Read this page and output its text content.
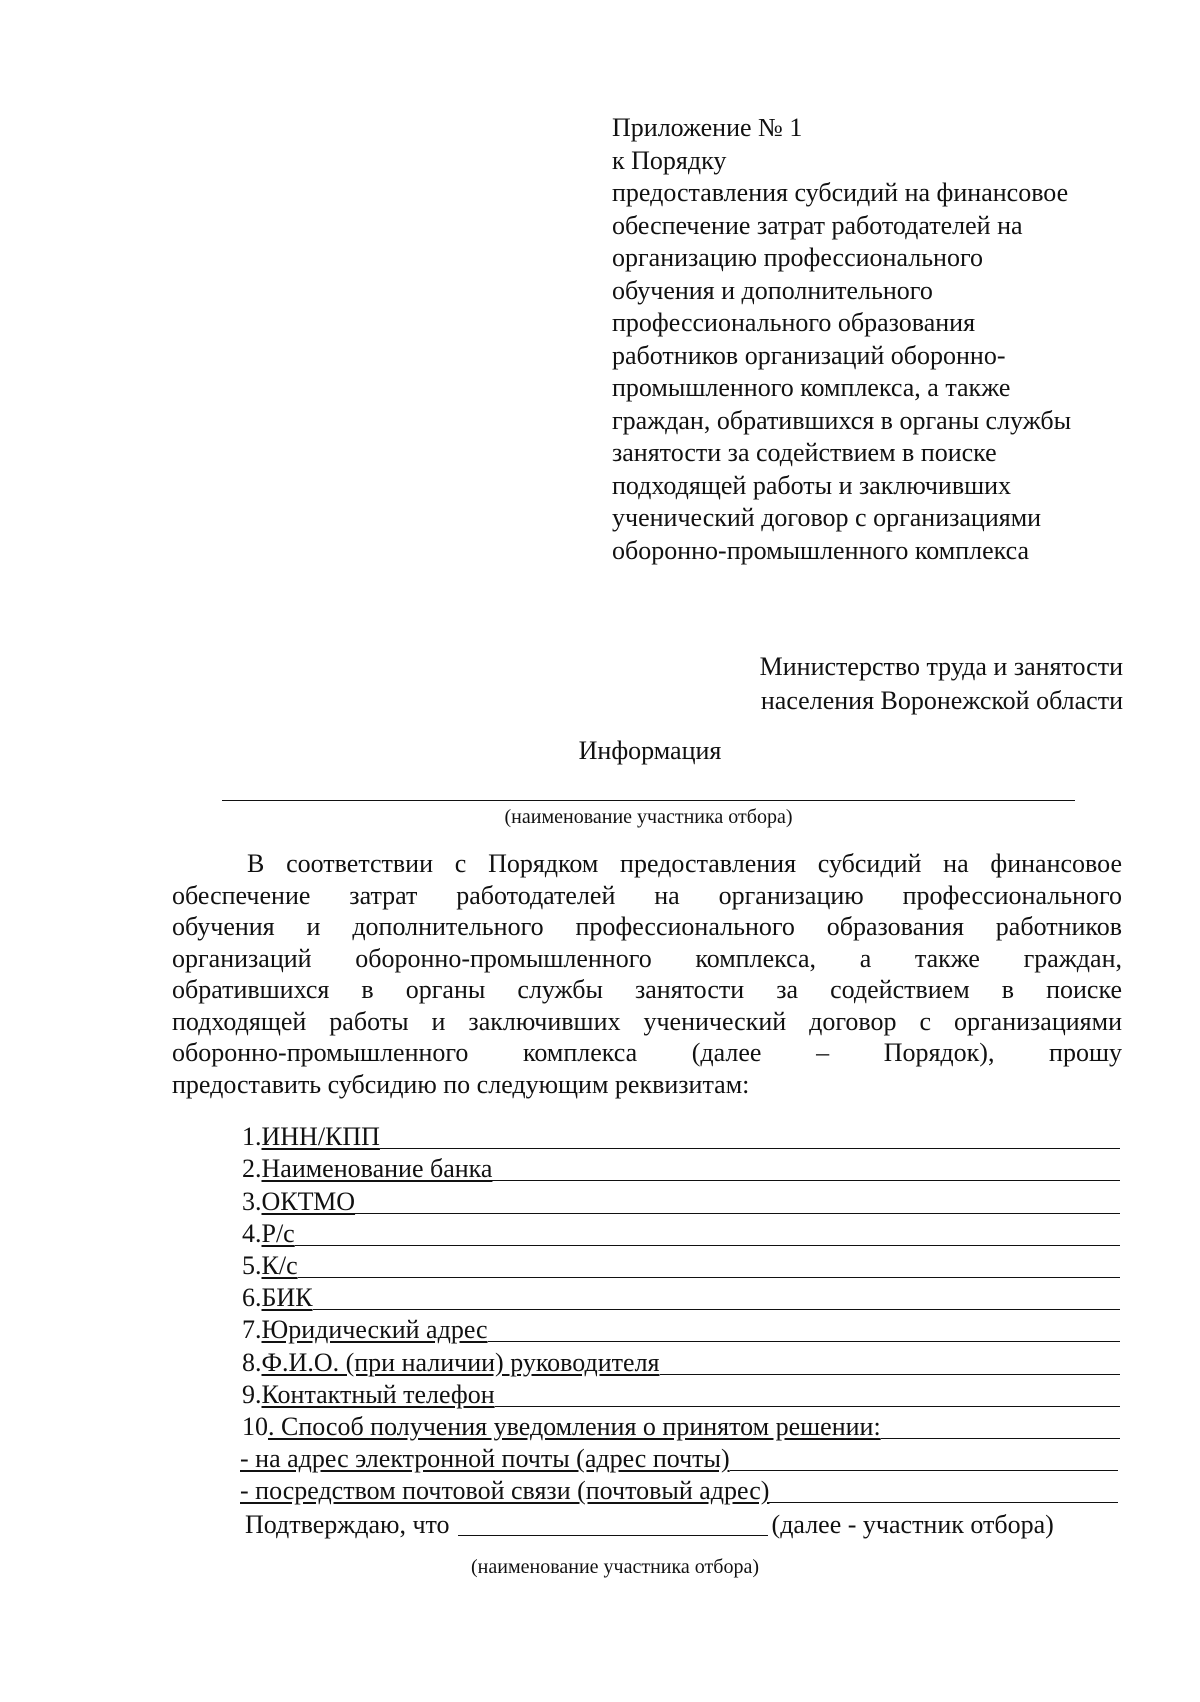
Приложение № 1
к Порядку
предоставления субсидий на финансовое
обеспечение затрат работодателей на
организацию профессионального
обучения и дополнительного
профессионального образования
работников организаций оборонно-
промышленного комплекса, а также
граждан, обратившихся в органы службы
занятости за содействием в поиске
подходящей работы и заключивших
ученический договор с организациями
оборонно-промышленного комплекса
Министерство труда и занятости
населения Воронежской области
Информация
(наименование участника отбора)
В соответствии с Порядком предоставления субсидий на финансовое
обеспечение затрат работодателей на организацию профессионального
обучения и дополнительного профессионального образования работников
организаций оборонно-промышленного комплекса, а также граждан,
обратившихся в органы службы занятости за содействием в поиске
подходящей работы и заключивших ученический договор с организациями
оборонно-промышленного комплекса (далее – Порядок), прошу
предоставить субсидию по следующим реквизитам:
1. ИНН/КПП
2. Наименование банка
3. ОКТМО
4. Р/с
5. К/с
6. БИК
7. Юридический адрес
8. Ф.И.О. (при наличии) руководителя
9. Контактный телефон
10 . Способ получения уведомления о принятом решении:
- на адрес электронной почты (адрес почты)
- посредством почтовой связи (почтовый адрес)
Подтверждаю, что	(далее - участник отбора)
(наименование участника отбора)
